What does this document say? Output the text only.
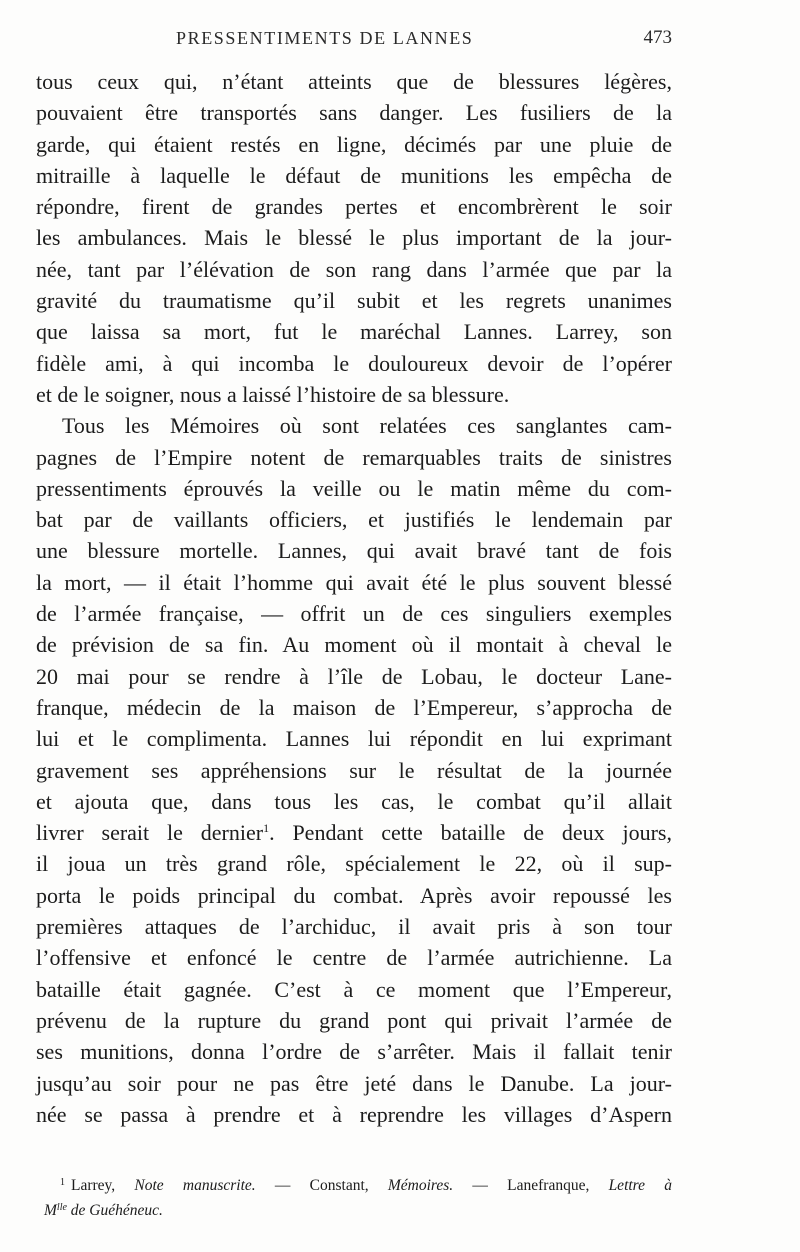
PRESSENTIMENTS DE LANNES	473
tous ceux qui, n’étant atteints que de blessures légères,
pouvaient être transportés sans danger. Les fusiliers de la
garde, qui étaient restés en ligne, décimés par une pluie de
mitraille à laquelle le défaut de munitions les empêcha de
répondre, firent de grandes pertes et encombrèrent le soir
les ambulances. Mais le blessé le plus important de la jour-
née, tant par l’élévation de son rang dans l’armée que par la
gravité du traumatisme qu’il subit et les regrets unanimes
que laissa sa mort, fut le maréchal Lannes. Larrey, son
fidèle ami, à qui incomba le douloureux devoir de l’opérer
et de le soigner, nous a laissé l’histoire de sa blessure.
Tous les Mémoires où sont relatées ces sanglantes cam-
pagnes de l’Empire notent de remarquables traits de sinistres
pressentiments éprouvés la veille ou le matin même du com-
bat par de vaillants officiers, et justifiés le lendemain par
une blessure mortelle. Lannes, qui avait bravé tant de fois
la mort, — il était l’homme qui avait été le plus souvent blessé
de l’armée française, — offrit un de ces singuliers exemples
de prévision de sa fin. Au moment où il montait à cheval le
20 mai pour se rendre à l’île de Lobau, le docteur Lane-
franque, médecin de la maison de l’Empereur, s’approcha de
lui et le complimenta. Lannes lui répondit en lui exprimant
gravement ses appréhensions sur le résultat de la journée
et ajouta que, dans tous les cas, le combat qu’il allait
livrer serait le dernier$^1$. Pendant cette bataille de deux jours,
il joua un très grand rôle, spécialement le 22, où il sup-
porta le poids principal du combat. Après avoir repoussé les
premières attaques de l’archiduc, il avait pris à son tour
l’offensive et enfoncé le centre de l’armée autrichienne. La
bataille était gagnée. C’est à ce moment que l’Empereur,
prévenu de la rupture du grand pont qui privait l’armée de
ses munitions, donna l’ordre de s’arrêter. Mais il fallait tenir
jusqu’au soir pour ne pas être jeté dans le Danube. La jour-
née se passa à prendre et à reprendre les villages d’Aspern
$^1$ Larrey, Note manuscrite. — Constant, Mémoires. — Lanefranque, Lettre à
M$^{lle}$ de Guéhéneuc.
